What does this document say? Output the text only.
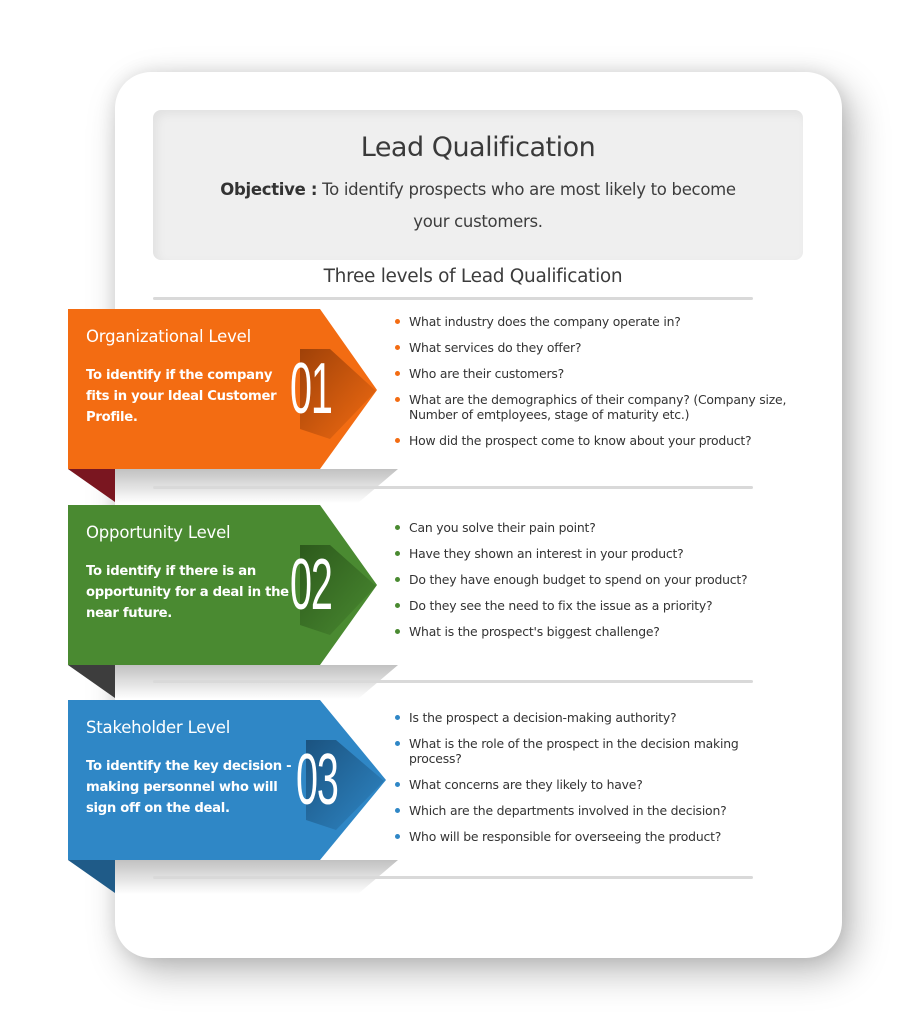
Lead Qualification
Objective : To identify prospects who are most likely to become your customers.
Three levels of Lead Qualification
Organizational Level
To identify if the company fits in your Ideal Customer Profile.	01
What industry does the company operate in?
What services do they offer?
Who are their customers?
What are the demographics of their company? (Company size, Number of emtployees, stage of maturity etc.)
How did the prospect come to know about your product?
Opportunity Level
To identify if there is an opportunity for a deal in the near future.	02
Can you solve their pain point?
Have they shown an interest in your product?
Do they have enough budget to spend on your product?
Do they see the need to fix the issue as a priority?
What is the prospect's biggest challenge?
Stakeholder Level
To identify the key decision -making personnel who will sign off on the deal. 03
Is the prospect a decision-making authority?
What is the role of the prospect in the decision making process?
What concerns are they likely to have?
Which are the departments involved in the decision?
Who will be responsible for overseeing the product?
